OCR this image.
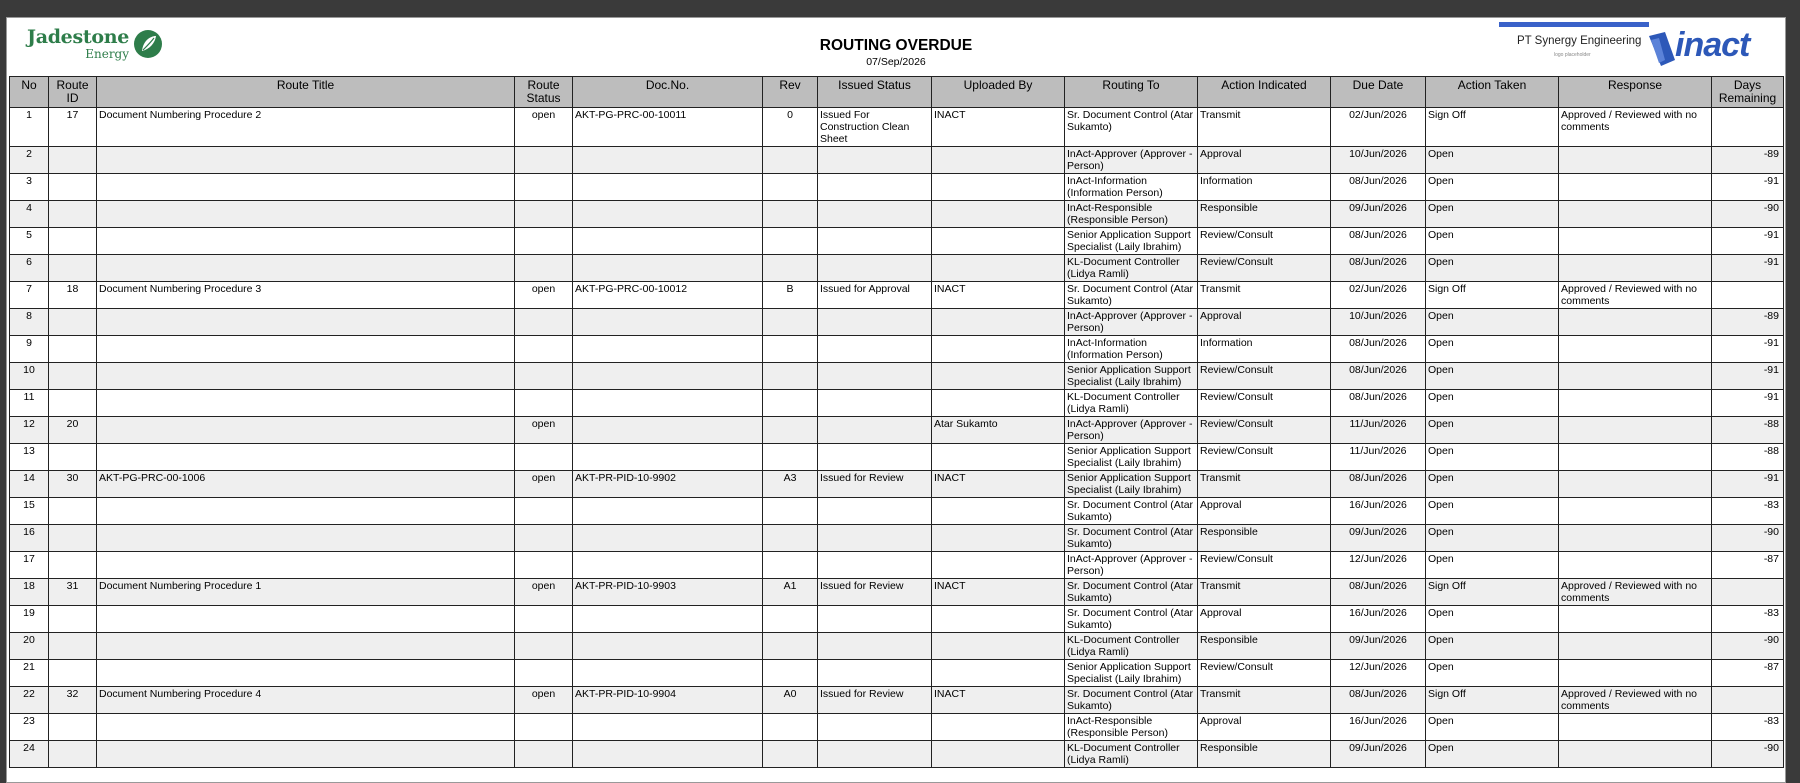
Jadestone
Energy	ROUTING OVERDUE
07/Sep/2026
PT Synergy Engineering
logo placeholder inact
No	Route ID	Route Title	Route Status	Doc.No.	Rev	Issued Status	Uploaded By	Routing To	Action Indicated	Due Date	Action Taken	Response	Days Remaining
1	17	Document Numbering Procedure 2	open	AKT-PG-PRC-00-10011	0	Issued For Construction Clean Sheet	INACT	Sr. Document Control (Atar Sukamto)	Transmit	02/Jun/2026	Sign Off	Approved / Reviewed with no comments	
2								InAct-Approver (Approver - Person)	Approval	10/Jun/2026	Open		-89
3								InAct-Information (Information Person)	Information	08/Jun/2026	Open		-91
4								InAct-Responsible (Responsible Person)	Responsible	09/Jun/2026	Open		-90
5								Senior Application Support Specialist (Laily Ibrahim)	Review/Consult	08/Jun/2026	Open		-91
6								KL-Document Controller (Lidya Ramli)	Review/Consult	08/Jun/2026	Open		-91
7	18	Document Numbering Procedure 3	open	AKT-PG-PRC-00-10012	B	Issued for Approval	INACT	Sr. Document Control (Atar Sukamto)	Transmit	02/Jun/2026	Sign Off	Approved / Reviewed with no comments	
8								InAct-Approver (Approver - Person)	Approval	10/Jun/2026	Open		-89
9								InAct-Information (Information Person)	Information	08/Jun/2026	Open		-91
10								Senior Application Support Specialist (Laily Ibrahim)	Review/Consult	08/Jun/2026	Open		-91
11								KL-Document Controller (Lidya Ramli)	Review/Consult	08/Jun/2026	Open		-91
12	20		open				Atar Sukamto	InAct-Approver (Approver - Person)	Review/Consult	11/Jun/2026	Open		-88
13								Senior Application Support Specialist (Laily Ibrahim)	Review/Consult	11/Jun/2026	Open		-88
14	30	AKT-PG-PRC-00-1006	open	AKT-PR-PID-10-9902	A3	Issued for Review	INACT	Senior Application Support Specialist (Laily Ibrahim)	Transmit	08/Jun/2026	Open		-91
15								Sr. Document Control (Atar Sukamto)	Approval	16/Jun/2026	Open		-83
16								Sr. Document Control (Atar Sukamto)	Responsible	09/Jun/2026	Open		-90
17								InAct-Approver (Approver - Person)	Review/Consult	12/Jun/2026	Open		-87
18	31	Document Numbering Procedure 1	open	AKT-PR-PID-10-9903	A1	Issued for Review	INACT	Sr. Document Control (Atar Sukamto)	Transmit	08/Jun/2026	Sign Off	Approved / Reviewed with no comments	
19								Sr. Document Control (Atar Sukamto)	Approval	16/Jun/2026	Open		-83
20								KL-Document Controller (Lidya Ramli)	Responsible	09/Jun/2026	Open		-90
21								Senior Application Support Specialist (Laily Ibrahim)	Review/Consult	12/Jun/2026	Open		-87
22	32	Document Numbering Procedure 4	open	AKT-PR-PID-10-9904	A0	Issued for Review	INACT	Sr. Document Control (Atar Sukamto)	Transmit	08/Jun/2026	Sign Off	Approved / Reviewed with no comments	
23								InAct-Responsible (Responsible Person)	Approval	16/Jun/2026	Open		-83
24								KL-Document Controller (Lidya Ramli)	Responsible	09/Jun/2026	Open		-90
